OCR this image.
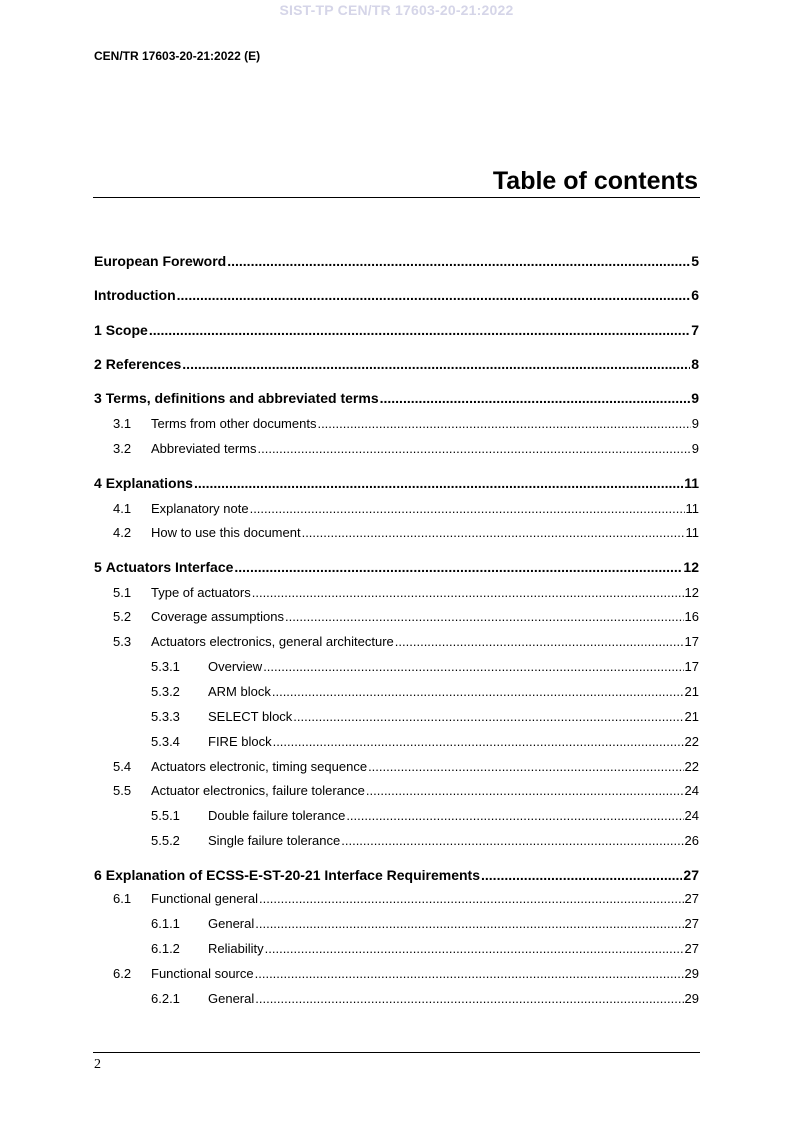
SIST-TP CEN/TR 17603-20-21:2022
CEN/TR 17603-20-21:2022 (E)
Table of contents
European Foreword .....	5
Introduction .....	6
1 Scope .....	7
2 References .....	8
3 Terms, definitions and abbreviated terms .....	9
3.1	Terms from other documents .....	9
3.2	Abbreviated terms .....	9
4 Explanations .....	11
4.1	Explanatory note .....	11
4.2	How to use this document .....	11
5 Actuators Interface .....	12
5.1	Type of actuators .....	12
5.2	Coverage assumptions .....	16
5.3	Actuators electronics, general architecture .....	17
5.3.1	Overview .....	17
5.3.2	ARM block .....	21
5.3.3	SELECT block .....	21
5.3.4	FIRE block .....	22
5.4	Actuators electronic, timing sequence .....	22
5.5	Actuator electronics, failure tolerance .....	24
5.5.1	Double failure tolerance .....	24
5.5.2	Single failure tolerance .....	26
6 Explanation of ECSS-E-ST-20-21 Interface Requirements .....	27
6.1	Functional general .....	27
6.1.1	General .....	27
6.1.2	Reliability .....	27
6.2	Functional source .....	29
6.2.1	General .....	29
2
